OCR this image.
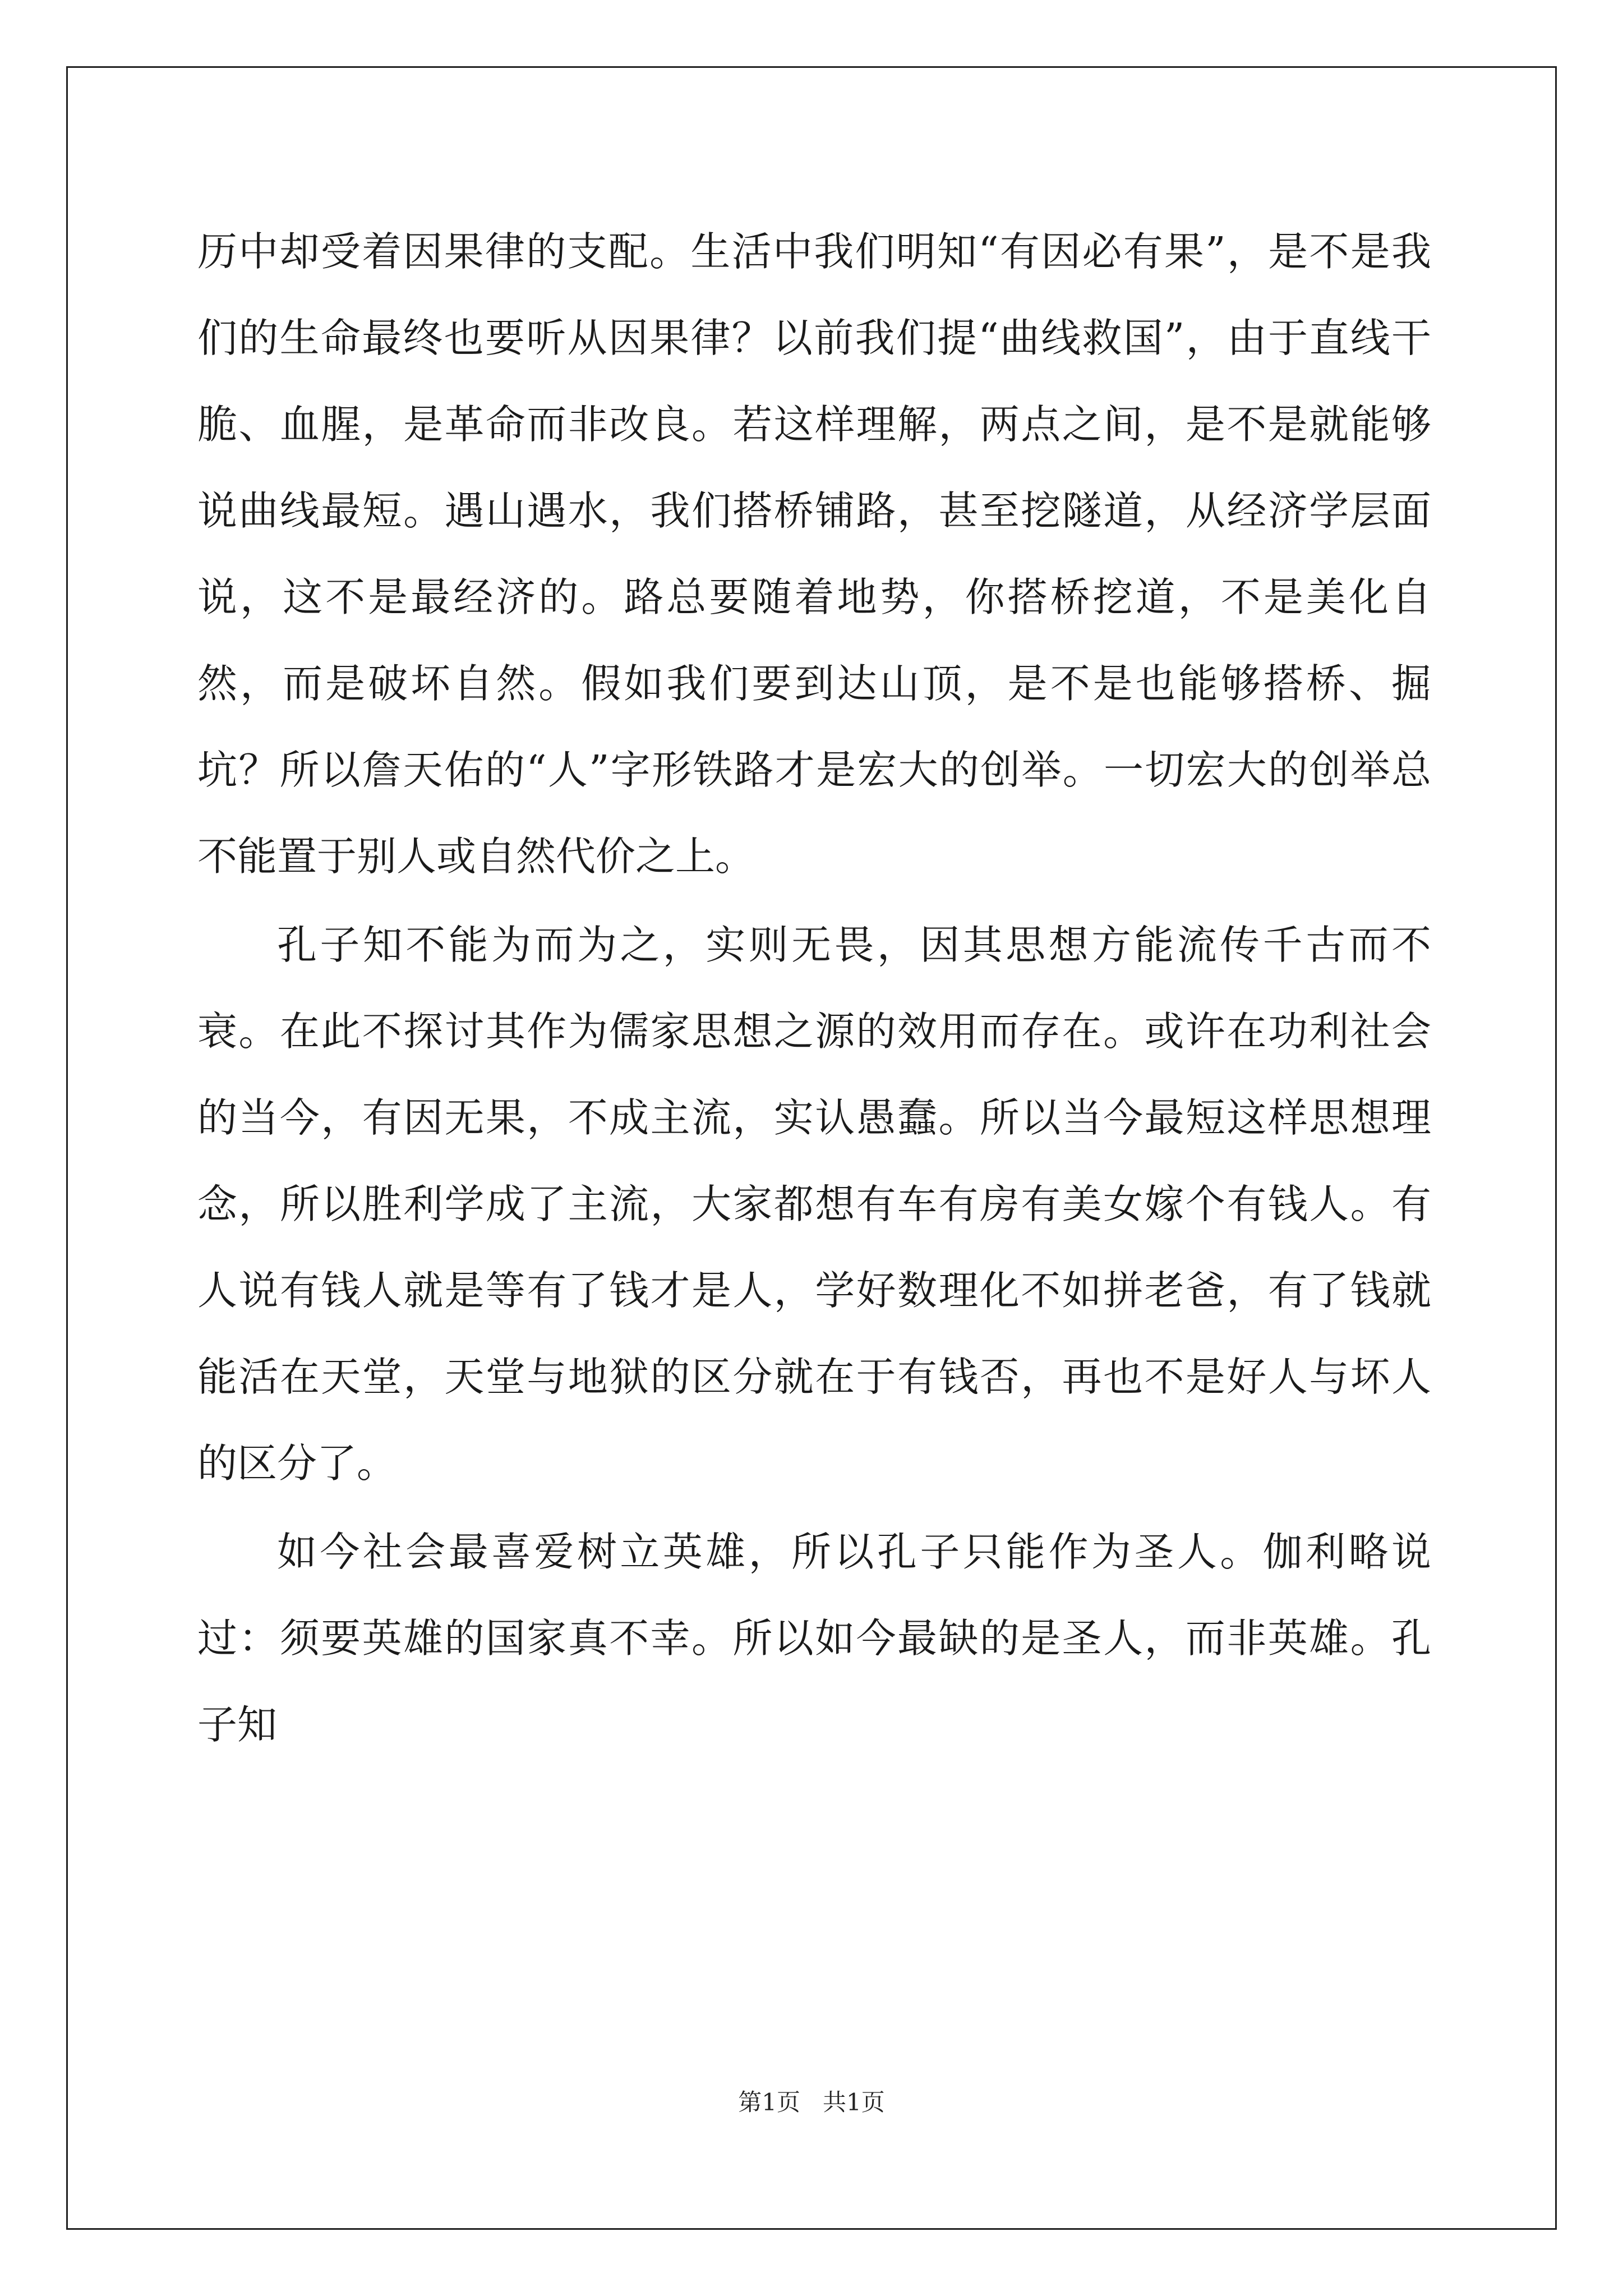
历中却受着因果律的支配。生活中我们明知“有因必有果”，是不是我们的生命最终也要听从因果律？以前我们提“曲线救国”，由于直线干脆、血腥，是革命而非改良。若这样理解，两点之间，是不是就能够说曲线最短。遇山遇水，我们搭桥铺路，甚至挖隧道，从经济学层面说，这不是最经济的。路总要随着地势，你搭桥挖道，不是美化自然，而是破坏自然。假如我们要到达山顶，是不是也能够搭桥、掘坑？所以詹天佑的“人”字形铁路才是宏大的创举。一切宏大的创举总不能置于别人或自然代价之上。

孔子知不能为而为之，实则无畏，因其思想方能流传千古而不衰。在此不探讨其作为儒家思想之源的效用而存在。或许在功利社会的当今，有因无果，不成主流，实认愚蠢。所以当今最短这样思想理念，所以胜利学成了主流，大家都想有车有房有美女嫁个有钱人。有人说有钱人就是等有了钱才是人，学好数理化不如拼老爸，有了钱就能活在天堂，天堂与地狱的区分就在于有钱否，再也不是好人与坏人的区分了。

如今社会最喜爱树立英雄，所以孔子只能作为圣人。伽利略说过：须要英雄的国家真不幸。所以如今最缺的是圣人，而非英雄。孔子知

第1页   共1页
